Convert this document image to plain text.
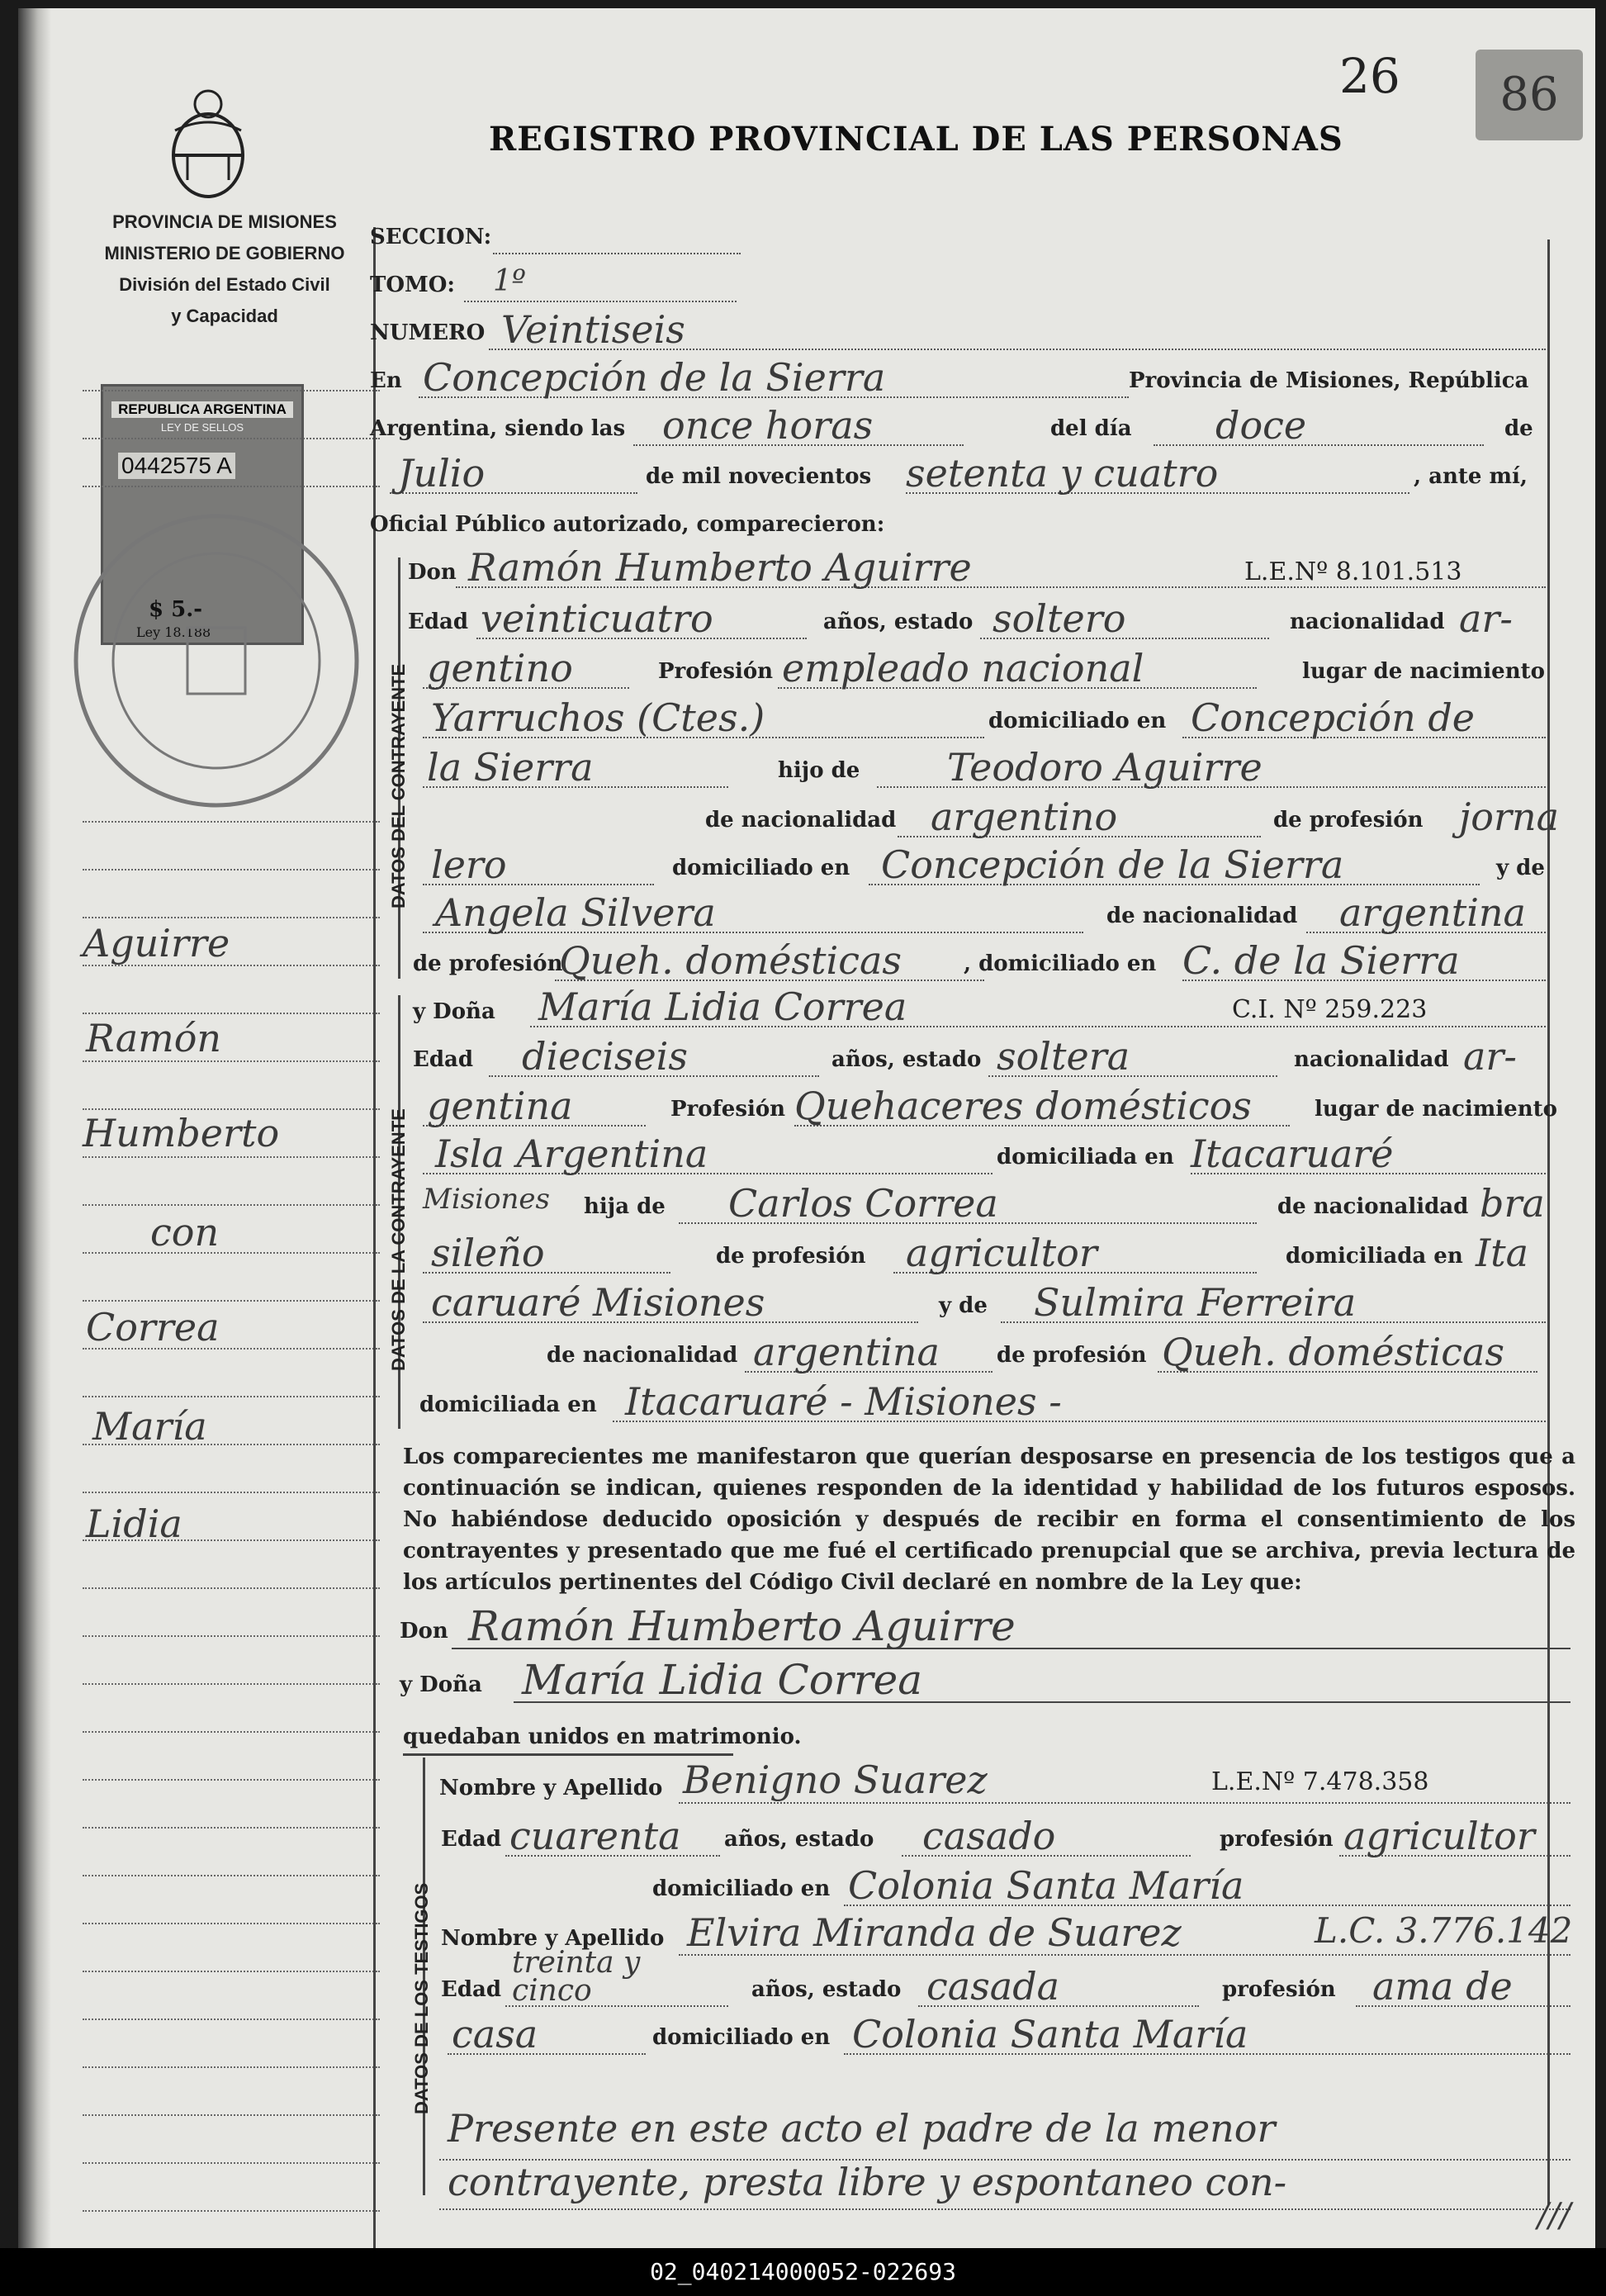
26	86
REGISTRO PROVINCIAL DE LAS PERSONAS
PROVINCIA DE MISIONES
MINISTERIO DE GOBIERNO
División del Estado Civil
y Capacidad
REPUBLICA ARGENTINA
LEY DE SELLOS
0442575 A
$ 5.-
Ley 18.188
Aguirre
Ramón
Humberto
con
Correa
María
Lidia
SECCION:
TOMO: 1º
NUMERO Veintiseis
En Concepción de la Sierra	Provincia de Misiones, República
Argentina, siendo las once horas	del día doce	de
Julio	de mil novecientos setenta y cuatro	, ante mí,
Oficial Público autorizado, comparecieron:
DATOS DEL CONTRAYENTE
Don Ramón Humberto Aguirre	L.E.Nº 8.101.513
Edad veinticuatro	años, estado soltero	nacionalidad ar-
gentino	Profesión empleado nacional	lugar de nacimiento
Yarruchos (Ctes.)	domiciliado en Concepción de
la Sierra	hijo de Teodoro Aguirre
de nacionalidad argentino	de profesión jorna
lero	domiciliado en Concepción de la Sierra	y de
Angela Silvera	de nacionalidad argentina
de profesión
Queh. domésticas	, domiciliado en C. de la Sierra
DATOS DE LA CONTRAYENTE
y Doña María Lidia Correa	C.I. Nº 259.223
Edad dieciseis	años, estado soltera	nacionalidad ar-
gentina	Profesión Quehaceres domésticos	lugar de nacimiento
Isla Argentina	domiciliada en Itacaruaré
Misiones hija de Carlos Correa	de nacionalidad bra
sileño	de profesión agricultor	domiciliada en Ita
caruaré Misiones	y de Sulmira Ferreira
de nacionalidad argentina	de profesión Queh. domésticas
domiciliada en Itacaruaré - Misiones -
Los comparecientes me manifestaron que querían desposarse en presencia de los testigos que a continuación se indican, quienes responden de la identidad y habilidad de los futuros esposos. No habiéndose deducido oposición y después de recibir en forma el consentimiento de los contrayentes y presentado que me fué el certificado prenupcial que se archiva, previa lectura de los artículos pertinentes del Código Civil declaré en nombre de la Ley que:
Don Ramón Humberto Aguirre
y Doña María Lidia Correa
quedaban unidos en matrimonio.
DATOS DE LOS TESTIGOS
Nombre y Apellido Benigno Suarez	L.E.Nº 7.478.358
Edad cuarenta años, estado casado	profesión agricultor
domiciliado en Colonia Santa María
Nombre y Apellido Elvira Miranda de Suarez	L.C. 3.776.142
Edad
treinta y cinco	años, estado casada	profesión ama de
casa	domiciliado en Colonia Santa María
Presente en este acto el padre de la menor
contrayente, presta libre y espontaneo con-
///
02_040214000052-022693
